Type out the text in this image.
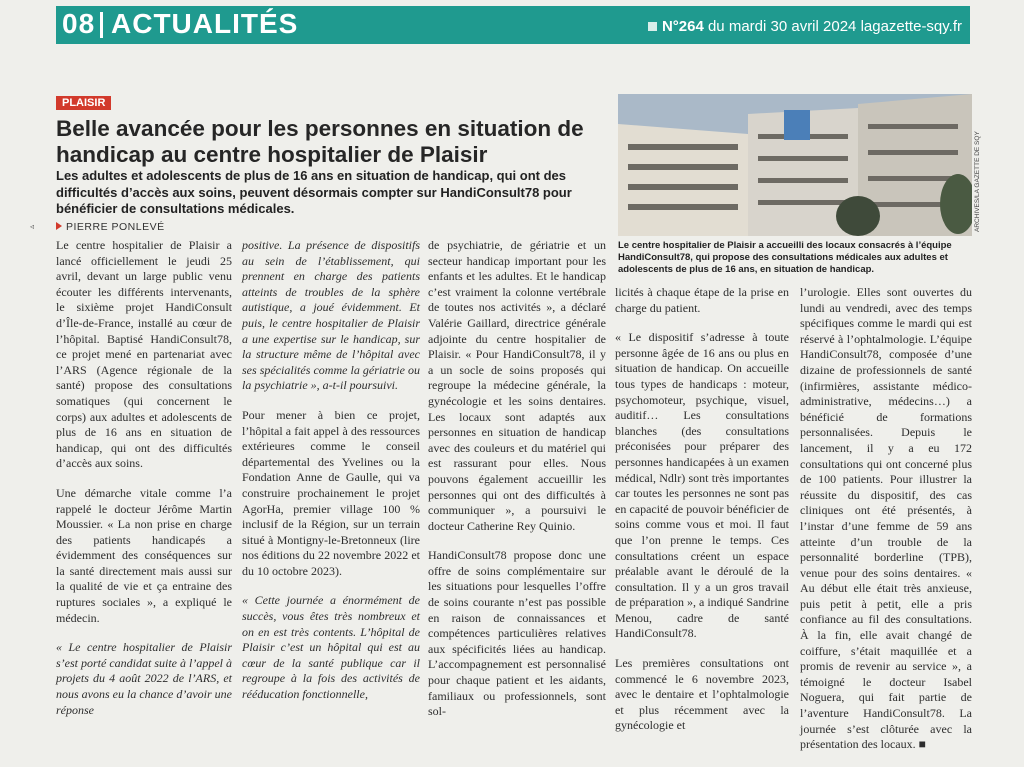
08 ACTUALITÉS	N°264 du mardi 30 avril 2024 lagazette-sqy.fr
◃
PLAISIR
Belle avancée pour les personnes en situation de handicap au centre hospitalier de Plaisir
Les adultes et adolescents de plus de 16 ans en situation de handicap, qui ont des difficultés d’accès aux soins, peuvent désormais compter sur HandiConsult78 pour bénéficier de consultations médicales.
PIERRE PONLEVÉ	ARCHIVES/LA GAZETTE DE SQY
Le centre hospitalier de Plaisir a accueilli des locaux consacrés à l’équipe HandiConsult78, qui propose des consultations médicales aux adultes et adolescents de plus de 16 ans, en situation de handicap.

Le centre hospitalier de Plaisir a lancé officiellement le jeudi 25 avril, devant un large public venu écouter les différents intervenants, le sixième projet HandiConsult d’Île-de-France, installé au cœur de l’hôpital. Baptisé HandiConsult78, ce projet mené en partenariat avec l’ARS (Agence régionale de la santé) propose des consultations somatiques (qui concernent le corps) aux adultes et adolescents de plus de 16 ans en situation de handicap, qui ont des difficultés d’accès aux soins.

Une démarche vitale comme l’a rappelé le docteur Jérôme Martin Moussier. « La non prise en charge des patients handicapés a évidemment des conséquences sur la santé directement mais aussi sur la qualité de vie et ça entraine des ruptures sociales », a expliqué le médecin.

« Le centre hospitalier de Plaisir s’est porté candidat suite à l’appel à projets du 4 août 2022 de l’ARS, et nous avons eu la chance d’avoir une réponse

positive. La présence de dispositifs au sein de l’établissement, qui prennent en charge des patients atteints de troubles de la sphère autistique, a joué évidemment. Et puis, le centre hospitalier de Plaisir a une expertise sur le handicap, sur la structure même de l’hôpital avec ses spécialités comme la gériatrie ou la psychiatrie », a-t-il poursuivi.

Pour mener à bien ce projet, l’hôpital a fait appel à des ressources extérieures comme le conseil départemental des Yvelines ou la Fondation Anne de Gaulle, qui va construire prochainement le projet AgorHa, premier village 100 % inclusif de la Région, sur un terrain situé à Montigny-le-Bretonneux (lire nos éditions du 22 novembre 2022 et du 10 octobre 2023).

« Cette journée a énormément de succès, vous êtes très nombreux et on en est très contents. L’hôpital de Plaisir c’est un hôpital qui est au cœur de la santé publique car il regroupe à la fois des activités de rééducation fonctionnelle,

de psychiatrie, de gériatrie et un secteur handicap important pour les enfants et les adultes. Et le handicap c’est vraiment la colonne vertébrale de toutes nos activités », a déclaré Valérie Gaillard, directrice générale adjointe du centre hospitalier de Plaisir. « Pour HandiConsult78, il y a un socle de soins proposés qui regroupe la médecine générale, la gynécologie et les soins dentaires. Les locaux sont adaptés aux personnes en situation de handicap avec des couleurs et du matériel qui est rassurant pour elles. Nous pouvons également accueillir les personnes qui ont des difficultés à communiquer », a poursuivi le docteur Catherine Rey Quinio.

HandiConsult78 propose donc une offre de soins complémentaire sur les situations pour lesquelles l’offre de soins courante n’est pas possible en raison de connaissances et compétences particulières relatives aux spécificités liées au handicap. L’accompagnement est personnalisé pour chaque patient et les aidants, familiaux ou professionnels, sont sol-

licités à chaque étape de la prise en charge du patient.

« Le dispositif s’adresse à toute personne âgée de 16 ans ou plus en situation de handicap. On accueille tous types de handicaps : moteur, psychomoteur, psychique, visuel, auditif… Les consultations blanches (des consultations préconisées pour préparer des personnes handicapées à un examen médical, Ndlr) sont très importantes car toutes les personnes ne sont pas en capacité de pouvoir bénéficier de soins comme vous et moi. Il faut que l’on prenne le temps. Ces consultations créent un espace préalable avant le déroulé de la consultation. Il y a un gros travail de préparation », a indiqué Sandrine Menou, cadre de santé HandiConsult78.

Les premières consultations ont commencé le 6 novembre 2023, avec le dentaire et l’ophtalmologie et plus récemment avec la gynécologie et

l’urologie. Elles sont ouvertes du lundi au vendredi, avec des temps spécifiques comme le mardi qui est réservé à l’ophtalmologie. L’équipe HandiConsult78, composée d’une dizaine de professionnels de santé (infirmières, assistante médico-administrative, médecins…) a bénéficié de formations personnalisées. Depuis le lancement, il y a eu 172 consultations qui ont concerné plus de 100 patients. Pour illustrer la réussite du dispositif, des cas cliniques ont été présentés, à l’instar d’une femme de 59 ans atteinte d’un trouble de la personnalité borderline (TPB), venue pour des soins dentaires. « Au début elle était très anxieuse, puis petit à petit, elle a pris confiance au fil des consultations. À la fin, elle avait changé de coiffure, s’était maquillée et a promis de revenir au service », a témoigné le docteur Isabel Noguera, qui fait partie de l’aventure HandiConsult78. La journée s’est clôturée avec la présentation des locaux. ■
